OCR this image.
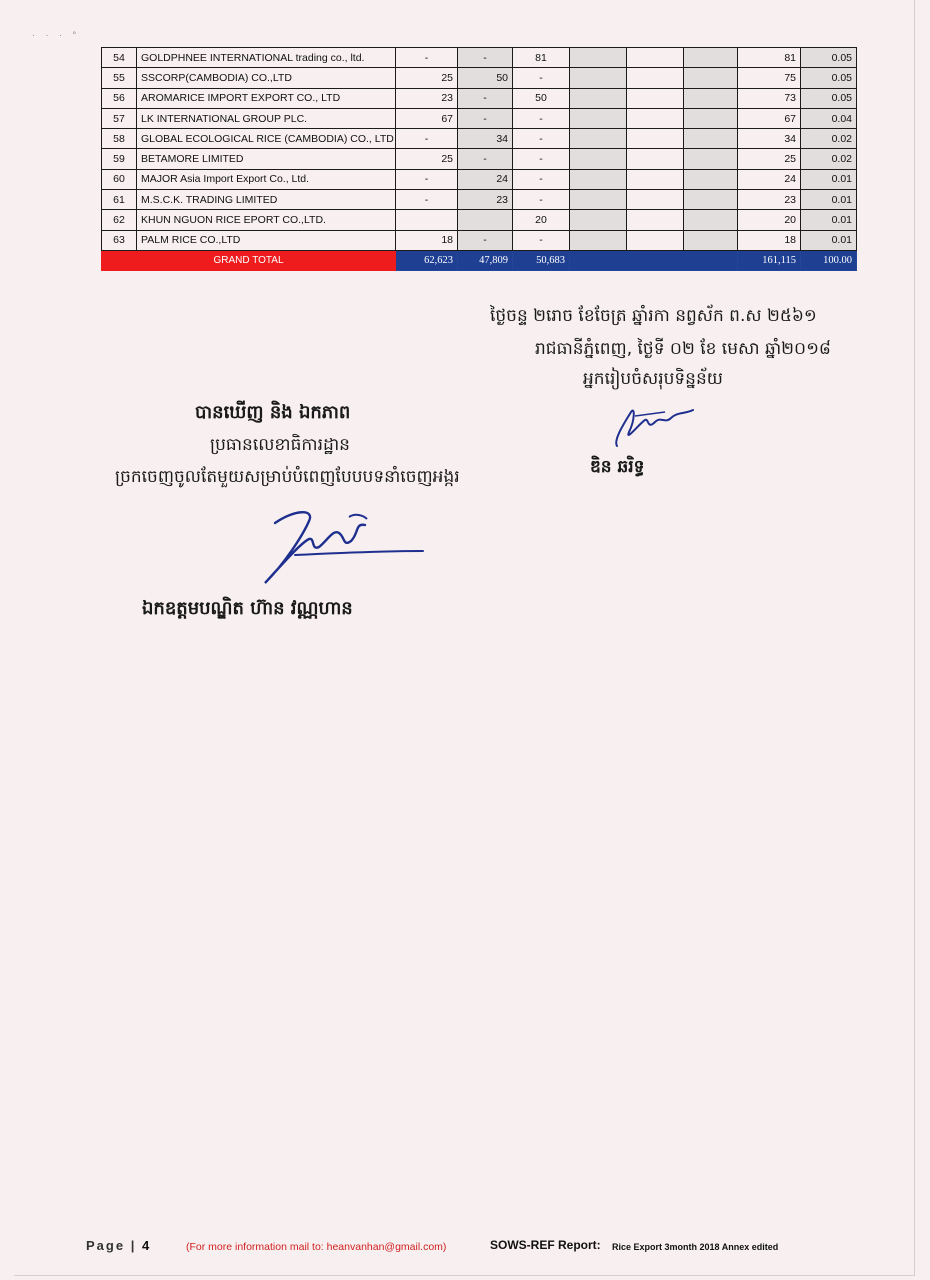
· · · °
54	GOLDPHNEE INTERNATIONAL trading co., ltd.	-	-	81				81	0.05
55	SSCORP(CAMBODIA) CO.,LTD	25	50	-				75	0.05
56	AROMARICE IMPORT EXPORT CO., LTD	23	-	50				73	0.05
57	LK INTERNATIONAL GROUP PLC.	67	-	-				67	0.04
58	GLOBAL ECOLOGICAL RICE (CAMBODIA) CO., LTD	-	34	-				34	0.02
59	BETAMORE LIMITED	25	-	-				25	0.02
60	MAJOR Asia Import Export Co., Ltd.	-	24	-				24	0.01
61	M.S.C.K. TRADING LIMITED	-	23	-				23	0.01
62	KHUN NGUON RICE EPORT CO.,LTD.			20				20	0.01
63	PALM RICE CO.,LTD	18	-	-				18	0.01
GRAND TOTAL		62,623	47,809	50,683				161,115	100.00
ថ្ងៃចន្ទ ២រោច ខែចែត្រ ឆ្នាំរកា នព្វស័ក ព.ស ២៥៦១
រាជធានីភ្នំពេញ, ថ្ងៃទី ០២ ខែ មេសា ឆ្នាំ២០១៨
អ្នករៀបចំសរុបទិន្នន័យ
ឌិន ឆរិទ្ធ
បានឃើញ និង ឯកភាព
ប្រធានលេខាធិការដ្ឋាន
ច្រកចេញចូលតែមួយសម្រាប់បំពេញបែបបទនាំចេញអង្ករ
ឯកឧត្តមបណ្ឌិត ហ៊ាន វណ្ណហាន
Page | 4	(For more information mail to: heanvanhan@gmail.com)	SOWS-REF Report: Rice Export 3month 2018 Annex edited
